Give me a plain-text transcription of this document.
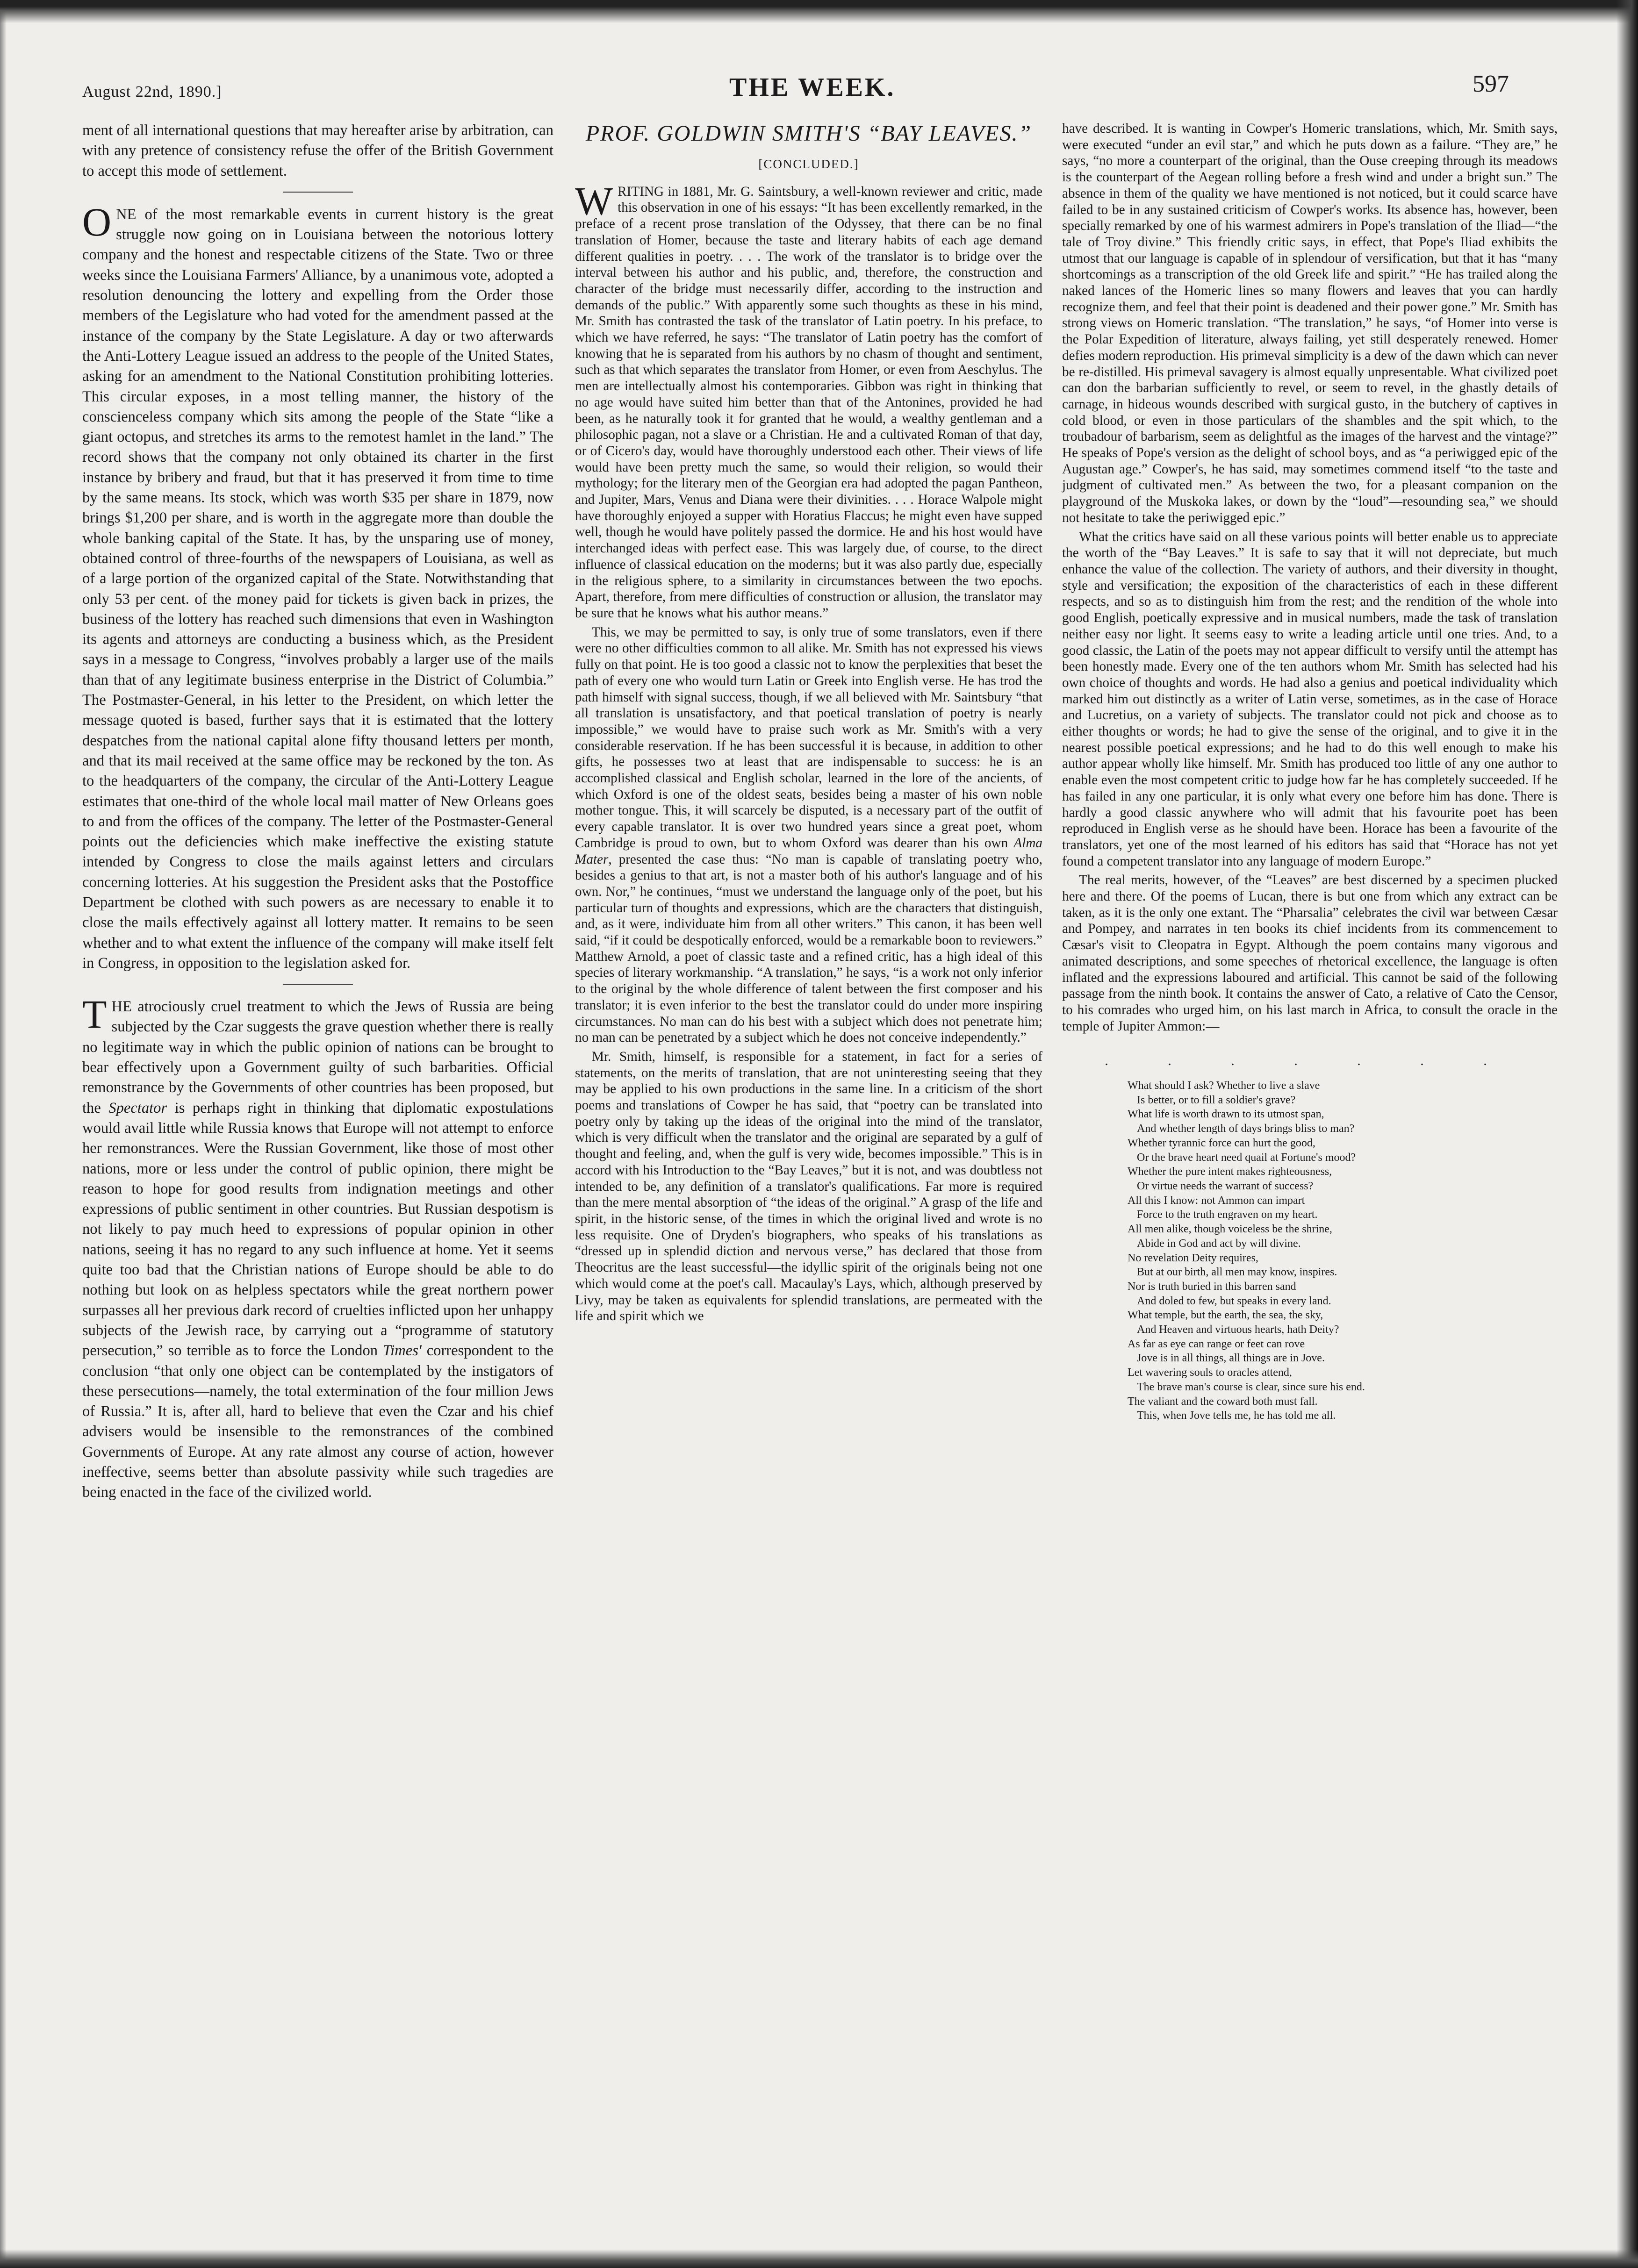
August 22nd, 1890.]	THE WEEK.	597

ment of all international questions that may hereafter arise by arbitration, can with any pretence of consistency refuse the offer of the British Government to accept this mode of settlement.

ONE of the most remarkable events in current history is the great struggle now going on in Louisiana between the notorious lottery company and the honest and respectable citizens of the State. Two or three weeks since the Louisiana Farmers' Alliance, by a unanimous vote, adopted a resolution denouncing the lottery and expelling from the Order those members of the Legislature who had voted for the amendment passed at the instance of the company by the State Legislature. A day or two afterwards the Anti-Lottery League issued an address to the people of the United States, asking for an amendment to the National Constitution prohibiting lotteries. This circular exposes, in a most telling manner, the history of the conscienceless company which sits among the people of the State “like a giant octopus, and stretches its arms to the remotest hamlet in the land.” The record shows that the company not only obtained its charter in the first instance by bribery and fraud, but that it has preserved it from time to time by the same means. Its stock, which was worth $35 per share in 1879, now brings $1,200 per share, and is worth in the aggregate more than double the whole banking capital of the State. It has, by the unsparing use of money, obtained control of three-fourths of the newspapers of Louisiana, as well as of a large portion of the organized capital of the State. Notwithstanding that only 53 per cent. of the money paid for tickets is given back in prizes, the business of the lottery has reached such dimensions that even in Washington its agents and attorneys are conducting a business which, as the President says in a message to Congress, “involves probably a larger use of the mails than that of any legitimate business enterprise in the District of Columbia.” The Postmaster-General, in his letter to the President, on which letter the message quoted is based, further says that it is estimated that the lottery despatches from the national capital alone fifty thousand letters per month, and that its mail received at the same office may be reckoned by the ton. As to the headquarters of the company, the circular of the Anti-Lottery League estimates that one-third of the whole local mail matter of New Orleans goes to and from the offices of the company. The letter of the Postmaster-General points out the deficiencies which make ineffective the existing statute intended by Congress to close the mails against letters and circulars concerning lotteries. At his suggestion the President asks that the Postoffice Department be clothed with such powers as are necessary to enable it to close the mails effectively against all lottery matter. It remains to be seen whether and to what extent the influence of the company will make itself felt in Congress, in opposition to the legislation asked for.

THE atrociously cruel treatment to which the Jews of Russia are being subjected by the Czar suggests the grave question whether there is really no legitimate way in which the public opinion of nations can be brought to bear effectively upon a Government guilty of such barbarities. Official remonstrance by the Governments of other countries has been proposed, but the Spectator is perhaps right in thinking that diplomatic expostulations would avail little while Russia knows that Europe will not attempt to enforce her remonstrances. Were the Russian Government, like those of most other nations, more or less under the control of public opinion, there might be reason to hope for good results from indignation meetings and other expressions of public sentiment in other countries. But Russian despotism is not likely to pay much heed to expressions of popular opinion in other nations, seeing it has no regard to any such influence at home. Yet it seems quite too bad that the Christian nations of Europe should be able to do nothing but look on as helpless spectators while the great northern power surpasses all her previous dark record of cruelties inflicted upon her unhappy subjects of the Jewish race, by carrying out a “programme of statutory persecution,” so terrible as to force the London Times' correspondent to the conclusion “that only one object can be contemplated by the instigators of these persecutions—namely, the total extermination of the four million Jews of Russia.” It is, after all, hard to believe that even the Czar and his chief advisers would be insensible to the remonstrances of the combined Governments of Europe. At any rate almost any course of action, however ineffective, seems better than absolute passivity while such tragedies are being enacted in the face of the civilized world.

PROF. GOLDWIN SMITH'S “BAY LEAVES.”
[CONCLUDED.]

WRITING in 1881, Mr. G. Saintsbury, a well-known reviewer and critic, made this observation in one of his essays: “It has been excellently remarked, in the preface of a recent prose translation of the Odyssey, that there can be no final translation of Homer, because the taste and literary habits of each age demand different qualities in poetry. . . . The work of the translator is to bridge over the interval between his author and his public, and, therefore, the construction and character of the bridge must necessarily differ, according to the instruction and demands of the public.” With apparently some such thoughts as these in his mind, Mr. Smith has contrasted the task of the translator of Latin poetry. In his preface, to which we have referred, he says: “The translator of Latin poetry has the comfort of knowing that he is separated from his authors by no chasm of thought and sentiment, such as that which separates the translator from Homer, or even from Aeschylus. The men are intellectually almost his contemporaries. Gibbon was right in thinking that no age would have suited him better than that of the Antonines, provided he had been, as he naturally took it for granted that he would, a wealthy gentleman and a philosophic pagan, not a slave or a Christian. He and a cultivated Roman of that day, or of Cicero's day, would have thoroughly understood each other. Their views of life would have been pretty much the same, so would their religion, so would their mythology; for the literary men of the Georgian era had adopted the pagan Pantheon, and Jupiter, Mars, Venus and Diana were their divinities. . . . Horace Walpole might have thoroughly enjoyed a supper with Horatius Flaccus; he might even have supped well, though he would have politely passed the dormice. He and his host would have interchanged ideas with perfect ease. This was largely due, of course, to the direct influence of classical education on the moderns; but it was also partly due, especially in the religious sphere, to a similarity in circumstances between the two epochs. Apart, therefore, from mere difficulties of construction or allusion, the translator may be sure that he knows what his author means.”

This, we may be permitted to say, is only true of some translators, even if there were no other difficulties common to all alike. Mr. Smith has not expressed his views fully on that point. He is too good a classic not to know the perplexities that beset the path of every one who would turn Latin or Greek into English verse. He has trod the path himself with signal success, though, if we all believed with Mr. Saintsbury “that all translation is unsatisfactory, and that poetical translation of poetry is nearly impossible,” we would have to praise such work as Mr. Smith's with a very considerable reservation. If he has been successful it is because, in addition to other gifts, he possesses two at least that are indispensable to success: he is an accomplished classical and English scholar, learned in the lore of the ancients, of which Oxford is one of the oldest seats, besides being a master of his own noble mother tongue. This, it will scarcely be disputed, is a necessary part of the outfit of every capable translator. It is over two hundred years since a great poet, whom Cambridge is proud to own, but to whom Oxford was dearer than his own Alma Mater, presented the case thus: “No man is capable of translating poetry who, besides a genius to that art, is not a master both of his author's language and of his own. Nor,” he continues, “must we understand the language only of the poet, but his particular turn of thoughts and expressions, which are the characters that distinguish, and, as it were, individuate him from all other writers.” This canon, it has been well said, “if it could be despotically enforced, would be a remarkable boon to reviewers.” Matthew Arnold, a poet of classic taste and a refined critic, has a high ideal of this species of literary workmanship. “A translation,” he says, “is a work not only inferior to the original by the whole difference of talent between the first composer and his translator; it is even inferior to the best the translator could do under more inspiring circumstances. No man can do his best with a subject which does not penetrate him; no man can be penetrated by a subject which he does not conceive independently.”

Mr. Smith, himself, is responsible for a statement, in fact for a series of statements, on the merits of translation, that are not uninteresting seeing that they may be applied to his own productions in the same line. In a criticism of the short poems and translations of Cowper he has said, that “poetry can be translated into poetry only by taking up the ideas of the original into the mind of the translator, which is very difficult when the translator and the original are separated by a gulf of thought and feeling, and, when the gulf is very wide, becomes impossible.” This is in accord with his Introduction to the “Bay Leaves,” but it is not, and was doubtless not intended to be, any definition of a translator's qualifications. Far more is required than the mere mental absorption of “the ideas of the original.” A grasp of the life and spirit, in the historic sense, of the times in which the original lived and wrote is no less requisite. One of Dryden's biographers, who speaks of his translations as “dressed up in splendid diction and nervous verse,” has declared that those from Theocritus are the least successful—the idyllic spirit of the originals being not one which would come at the poet's call. Macaulay's Lays, which, although preserved by Livy, may be taken as equivalents for splendid translations, are permeated with the life and spirit which we

have described. It is wanting in Cowper's Homeric translations, which, Mr. Smith says, were executed “under an evil star,” and which he puts down as a failure. “They are,” he says, “no more a counterpart of the original, than the Ouse creeping through its meadows is the counterpart of the Aegean rolling before a fresh wind and under a bright sun.” The absence in them of the quality we have mentioned is not noticed, but it could scarce have failed to be in any sustained criticism of Cowper's works. Its absence has, however, been specially remarked by one of his warmest admirers in Pope's translation of the Iliad—“the tale of Troy divine.” This friendly critic says, in effect, that Pope's Iliad exhibits the utmost that our language is capable of in splendour of versification, but that it has “many shortcomings as a transcription of the old Greek life and spirit.” “He has trailed along the naked lances of the Homeric lines so many flowers and leaves that you can hardly recognize them, and feel that their point is deadened and their power gone.” Mr. Smith has strong views on Homeric translation. “The translation,” he says, “of Homer into verse is the Polar Expedition of literature, always failing, yet still desperately renewed. Homer defies modern reproduction. His primeval simplicity is a dew of the dawn which can never be re-distilled. His primeval savagery is almost equally unpresentable. What civilized poet can don the barbarian sufficiently to revel, or seem to revel, in the ghastly details of carnage, in hideous wounds described with surgical gusto, in the butchery of captives in cold blood, or even in those particulars of the shambles and the spit which, to the troubadour of barbarism, seem as delightful as the images of the harvest and the vintage?” He speaks of Pope's version as the delight of school boys, and as “a periwigged epic of the Augustan age.” Cowper's, he has said, may sometimes commend itself “to the taste and judgment of cultivated men.” As between the two, for a pleasant companion on the playground of the Muskoka lakes, or down by the “loud”—resounding sea,” we should not hesitate to take the periwigged epic.”

What the critics have said on all these various points will better enable us to appreciate the worth of the “Bay Leaves.” It is safe to say that it will not depreciate, but much enhance the value of the collection. The variety of authors, and their diversity in thought, style and versification; the exposition of the characteristics of each in these different respects, and so as to distinguish him from the rest; and the rendition of the whole into good English, poetically expressive and in musical numbers, made the task of translation neither easy nor light. It seems easy to write a leading article until one tries. And, to a good classic, the Latin of the poets may not appear difficult to versify until the attempt has been honestly made. Every one of the ten authors whom Mr. Smith has selected had his own choice of thoughts and words. He had also a genius and poetical individuality which marked him out distinctly as a writer of Latin verse, sometimes, as in the case of Horace and Lucretius, on a variety of subjects. The translator could not pick and choose as to either thoughts or words; he had to give the sense of the original, and to give it in the nearest possible poetical expressions; and he had to do this well enough to make his author appear wholly like himself. Mr. Smith has produced too little of any one author to enable even the most competent critic to judge how far he has completely succeeded. If he has failed in any one particular, it is only what every one before him has done. There is hardly a good classic anywhere who will admit that his favourite poet has been reproduced in English verse as he should have been. Horace has been a favourite of the translators, yet one of the most learned of his editors has said that “Horace has not yet found a competent translator into any language of modern Europe.”

The real merits, however, of the “Leaves” are best discerned by a specimen plucked here and there. Of the poems of Lucan, there is but one from which any extract can be taken, as it is the only one extant. The “Pharsalia” celebrates the civil war between Cæsar and Pompey, and narrates in ten books its chief incidents from its commencement to Cæsar's visit to Cleopatra in Egypt. Although the poem contains many vigorous and animated descriptions, and some speeches of rhetorical excellence, the language is often inflated and the expressions laboured and artificial. This cannot be said of the following passage from the ninth book. It contains the answer of Cato, a relative of Cato the Censor, to his comrades who urged him, on his last march in Africa, to consult the oracle in the temple of Jupiter Ammon:—

. . . . . . .
What should I ask? Whether to live a slave
Is better, or to fill a soldier's grave?
What life is worth drawn to its utmost span,
And whether length of days brings bliss to man?
Whether tyrannic force can hurt the good,
Or the brave heart need quail at Fortune's mood?
Whether the pure intent makes righteousness,
Or virtue needs the warrant of success?
All this I know: not Ammon can impart
Force to the truth engraven on my heart.
All men alike, though voiceless be the shrine,
Abide in God and act by will divine.
No revelation Deity requires,
But at our birth, all men may know, inspires.
Nor is truth buried in this barren sand
And doled to few, but speaks in every land.
What temple, but the earth, the sea, the sky,
And Heaven and virtuous hearts, hath Deity?
As far as eye can range or feet can rove
Jove is in all things, all things are in Jove.
Let wavering souls to oracles attend,
The brave man's course is clear, since sure his end.
The valiant and the coward both must fall.
This, when Jove tells me, he has told me all.
